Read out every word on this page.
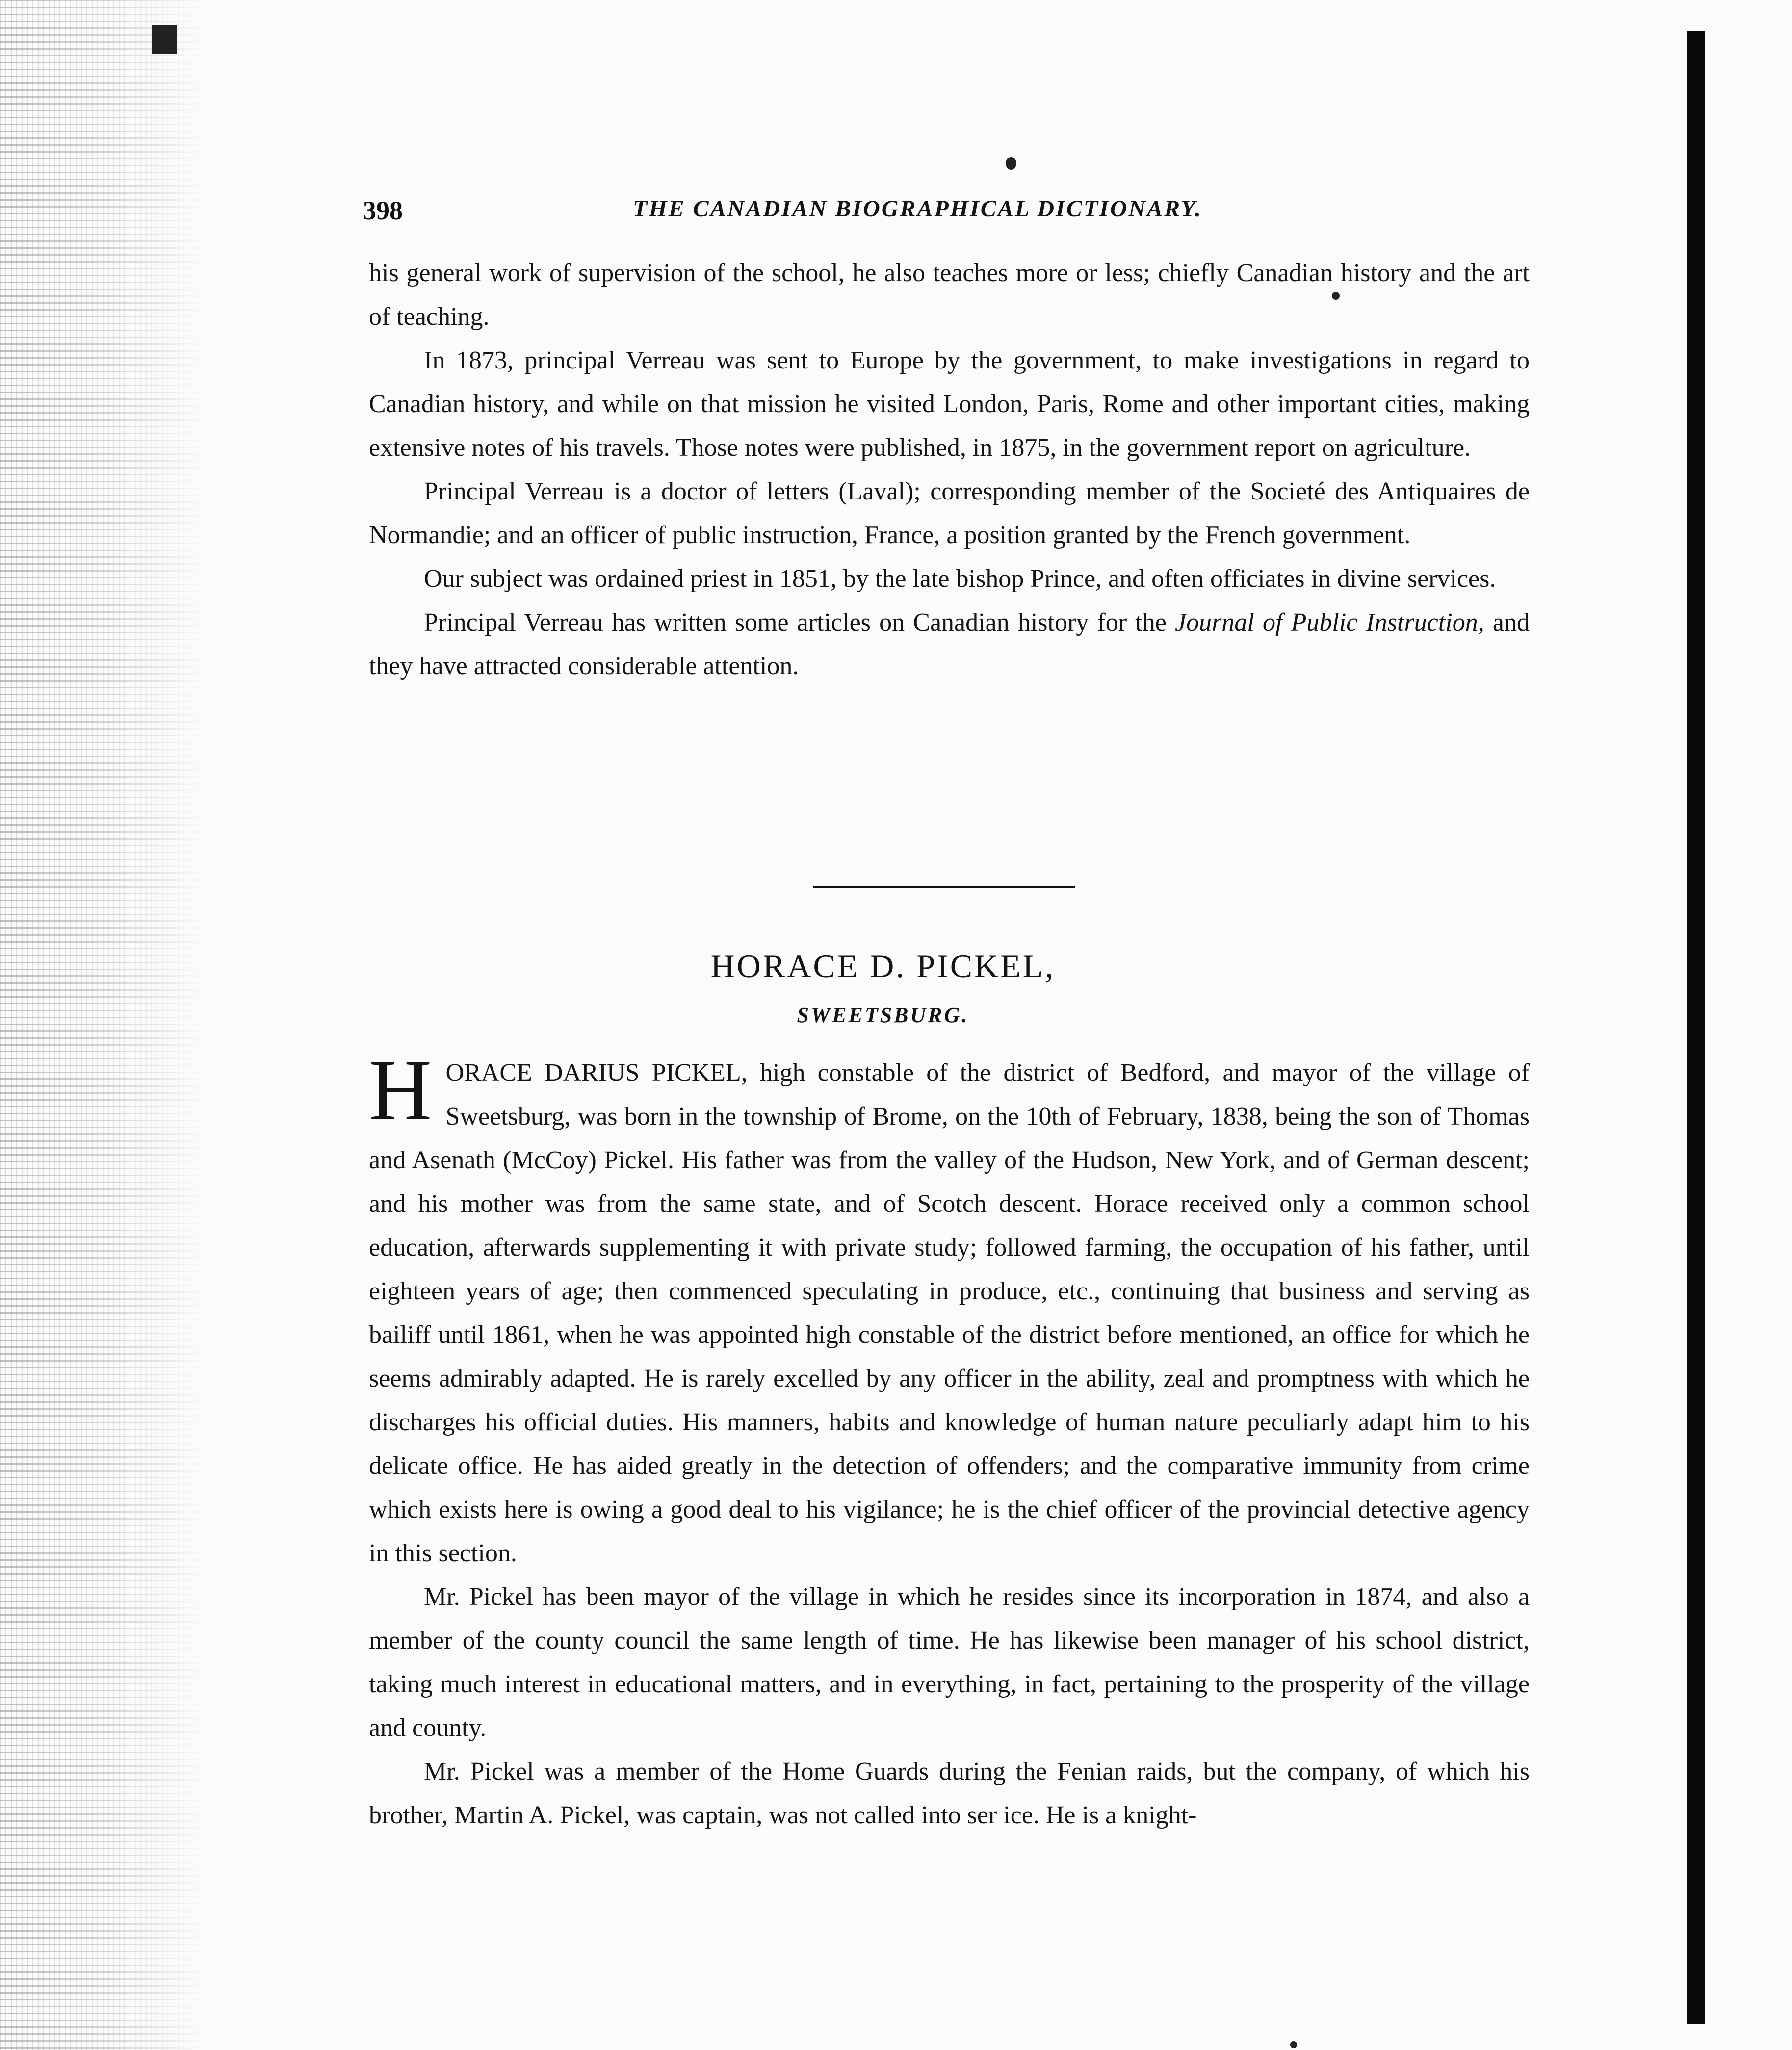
398	THE CANADIAN BIOGRAPHICAL DICTIONARY.

his general work of supervision of the school, he also teaches more or less; chiefly Canadian history and the art of teaching.

In 1873, principal Verreau was sent to Europe by the government, to make investigations in regard to Canadian history, and while on that mission he visited London, Paris, Rome and other important cities, making extensive notes of his travels. Those notes were published, in 1875, in the government report on agriculture.

Principal Verreau is a doctor of letters (Laval); corresponding member of the Societé des Antiquaires de Normandie; and an officer of public instruction, France, a position granted by the French government.

Our subject was ordained priest in 1851, by the late bishop Prince, and often officiates in divine services.

Principal Verreau has written some articles on Canadian history for the Journal of Public Instruction, and they have attracted considerable attention.

HORACE D. PICKEL,
SWEETSBURG.

HORACE DARIUS PICKEL, high constable of the district of Bedford, and mayor of the village of Sweetsburg, was born in the township of Brome, on the 10th of February, 1838, being the son of Thomas and Asenath (McCoy) Pickel. His father was from the valley of the Hudson, New York, and of German descent; and his mother was from the same state, and of Scotch descent. Horace received only a common school education, afterwards supplementing it with private study; followed farming, the occupation of his father, until eighteen years of age; then commenced speculating in produce, etc., continuing that business and serving as bailiff until 1861, when he was appointed high constable of the district before mentioned, an office for which he seems admirably adapted. He is rarely excelled by any officer in the ability, zeal and promptness with which he discharges his official duties. His manners, habits and knowledge of human nature peculiarly adapt him to his delicate office. He has aided greatly in the detection of offenders; and the comparative immunity from crime which exists here is owing a good deal to his vigilance; he is the chief officer of the provincial detective agency in this section.

Mr. Pickel has been mayor of the village in which he resides since its incorporation in 1874, and also a member of the county council the same length of time. He has likewise been manager of his school district, taking much interest in educational matters, and in everything, in fact, pertaining to the prosperity of the village and county.

Mr. Pickel was a member of the Home Guards during the Fenian raids, but the company, of which his brother, Martin A. Pickel, was captain, was not called into ser ice. He is a knight-
